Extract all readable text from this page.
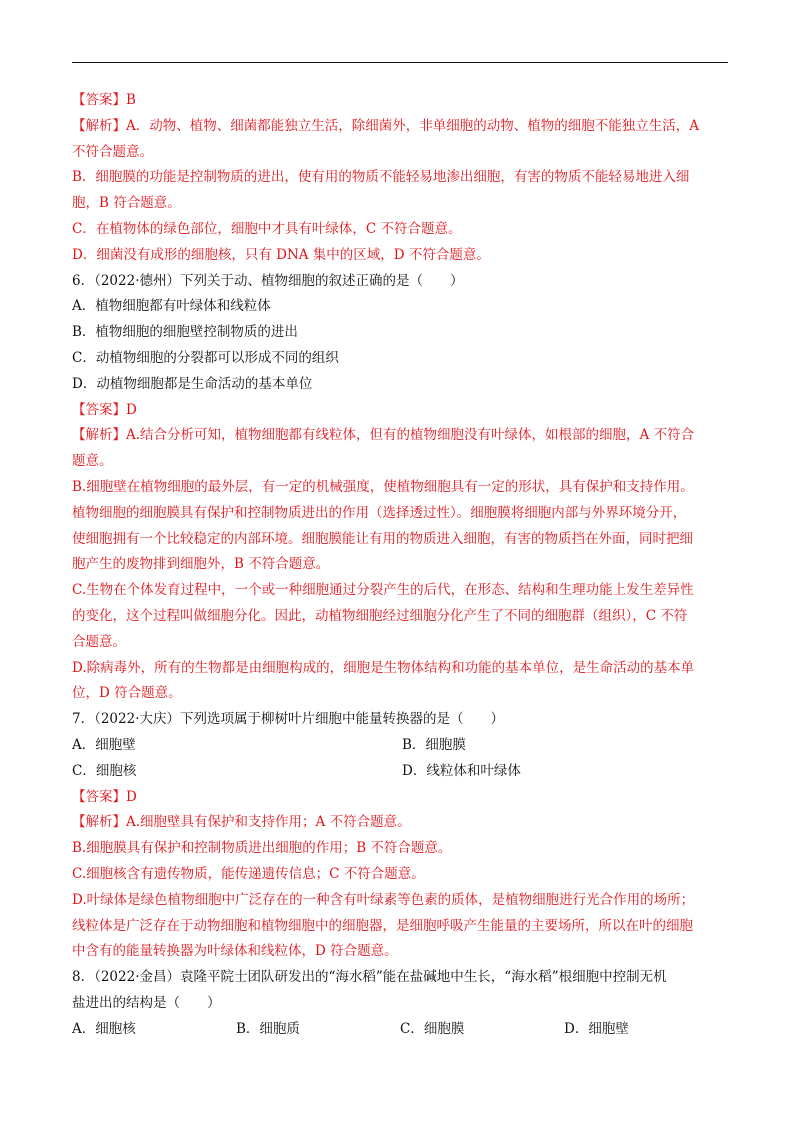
【答案】B
【解析】A．动物、植物、细菌都能独立生活，除细菌外，非单细胞的动物、植物的细胞不能独立生活，A
不符合题意。
B．细胞膜的功能是控制物质的进出，使有用的物质不能轻易地渗出细胞，有害的物质不能轻易地进入细
胞，B 符合题意。
C．在植物体的绿色部位，细胞中才具有叶绿体，C 不符合题意。
D．细菌没有成形的细胞核，只有 DNA 集中的区域，D 不符合题意。
6．（2022·德州）下列关于动、植物细胞的叙述正确的是（　　）
A．植物细胞都有叶绿体和线粒体
B．植物细胞的细胞壁控制物质的进出
C．动植物细胞的分裂都可以形成不同的组织
D．动植物细胞都是生命活动的基本单位
【答案】D
【解析】A.结合分析可知，植物细胞都有线粒体，但有的植物细胞没有叶绿体，如根部的细胞，A 不符合
题意。
B.细胞壁在植物细胞的最外层，有一定的机械强度，使植物细胞具有一定的形状，具有保护和支持作用。
植物细胞的细胞膜具有保护和控制物质进出的作用（选择透过性）。细胞膜将细胞内部与外界环境分开，
使细胞拥有一个比较稳定的内部环境。细胞膜能让有用的物质进入细胞，有害的物质挡在外面，同时把细
胞产生的废物排到细胞外，B 不符合题意。
C.生物在个体发育过程中，一个或一种细胞通过分裂产生的后代，在形态、结构和生理功能上发生差异性
的变化，这个过程叫做细胞分化。因此，动植物细胞经过细胞分化产生了不同的细胞群（组织），C 不符
合题意。
D.除病毒外，所有的生物都是由细胞构成的，细胞是生物体结构和功能的基本单位，是生命活动的基本单
位，D 符合题意。
7．（2022·大庆）下列选项属于柳树叶片细胞中能量转换器的是（　　）
A．细胞壁	B．细胞膜
C．细胞核	D．线粒体和叶绿体
【答案】D
【解析】A.细胞壁具有保护和支持作用；A 不符合题意。
B.细胞膜具有保护和控制物质进出细胞的作用；B 不符合题意。
C.细胞核含有遗传物质，能传递遗传信息；C 不符合题意。
D.叶绿体是绿色植物细胞中广泛存在的一种含有叶绿素等色素的质体，是植物细胞进行光合作用的场所；
线粒体是广泛存在于动物细胞和植物细胞中的细胞器，是细胞呼吸产生能量的主要场所，所以在叶的细胞
中含有的能量转换器为叶绿体和线粒体，D 符合题意。
8．（2022·金昌）袁隆平院士团队研发出的“海水稻”能在盐碱地中生长，“海水稻”根细胞中控制无机
盐进出的结构是（　　）
A．细胞核	B．细胞质	C．细胞膜	D．细胞壁
